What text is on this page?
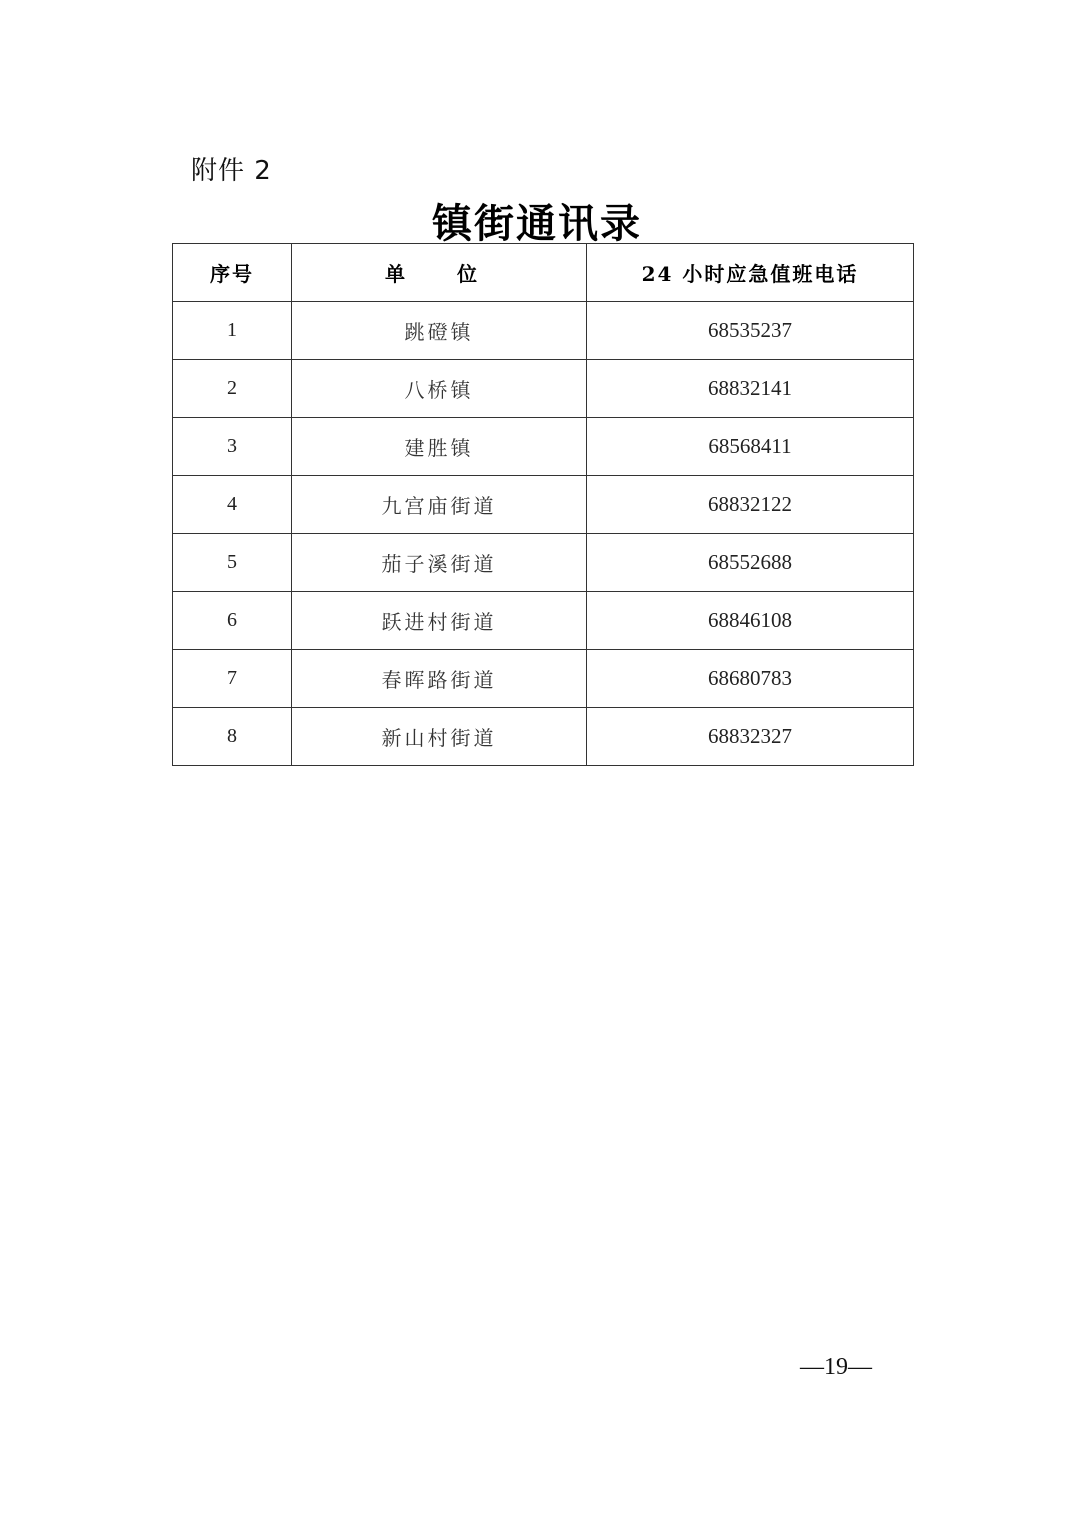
附件 2
镇街通讯录
序号	单　位	24 小时应急值班电话
1	跳磴镇	68535237
2	八桥镇	68832141
3	建胜镇	68568411
4	九宫庙街道	68832122
5	茄子溪街道	68552688
6	跃进村街道	68846108
7	春晖路街道	68680783
8	新山村街道	68832327
—19—
